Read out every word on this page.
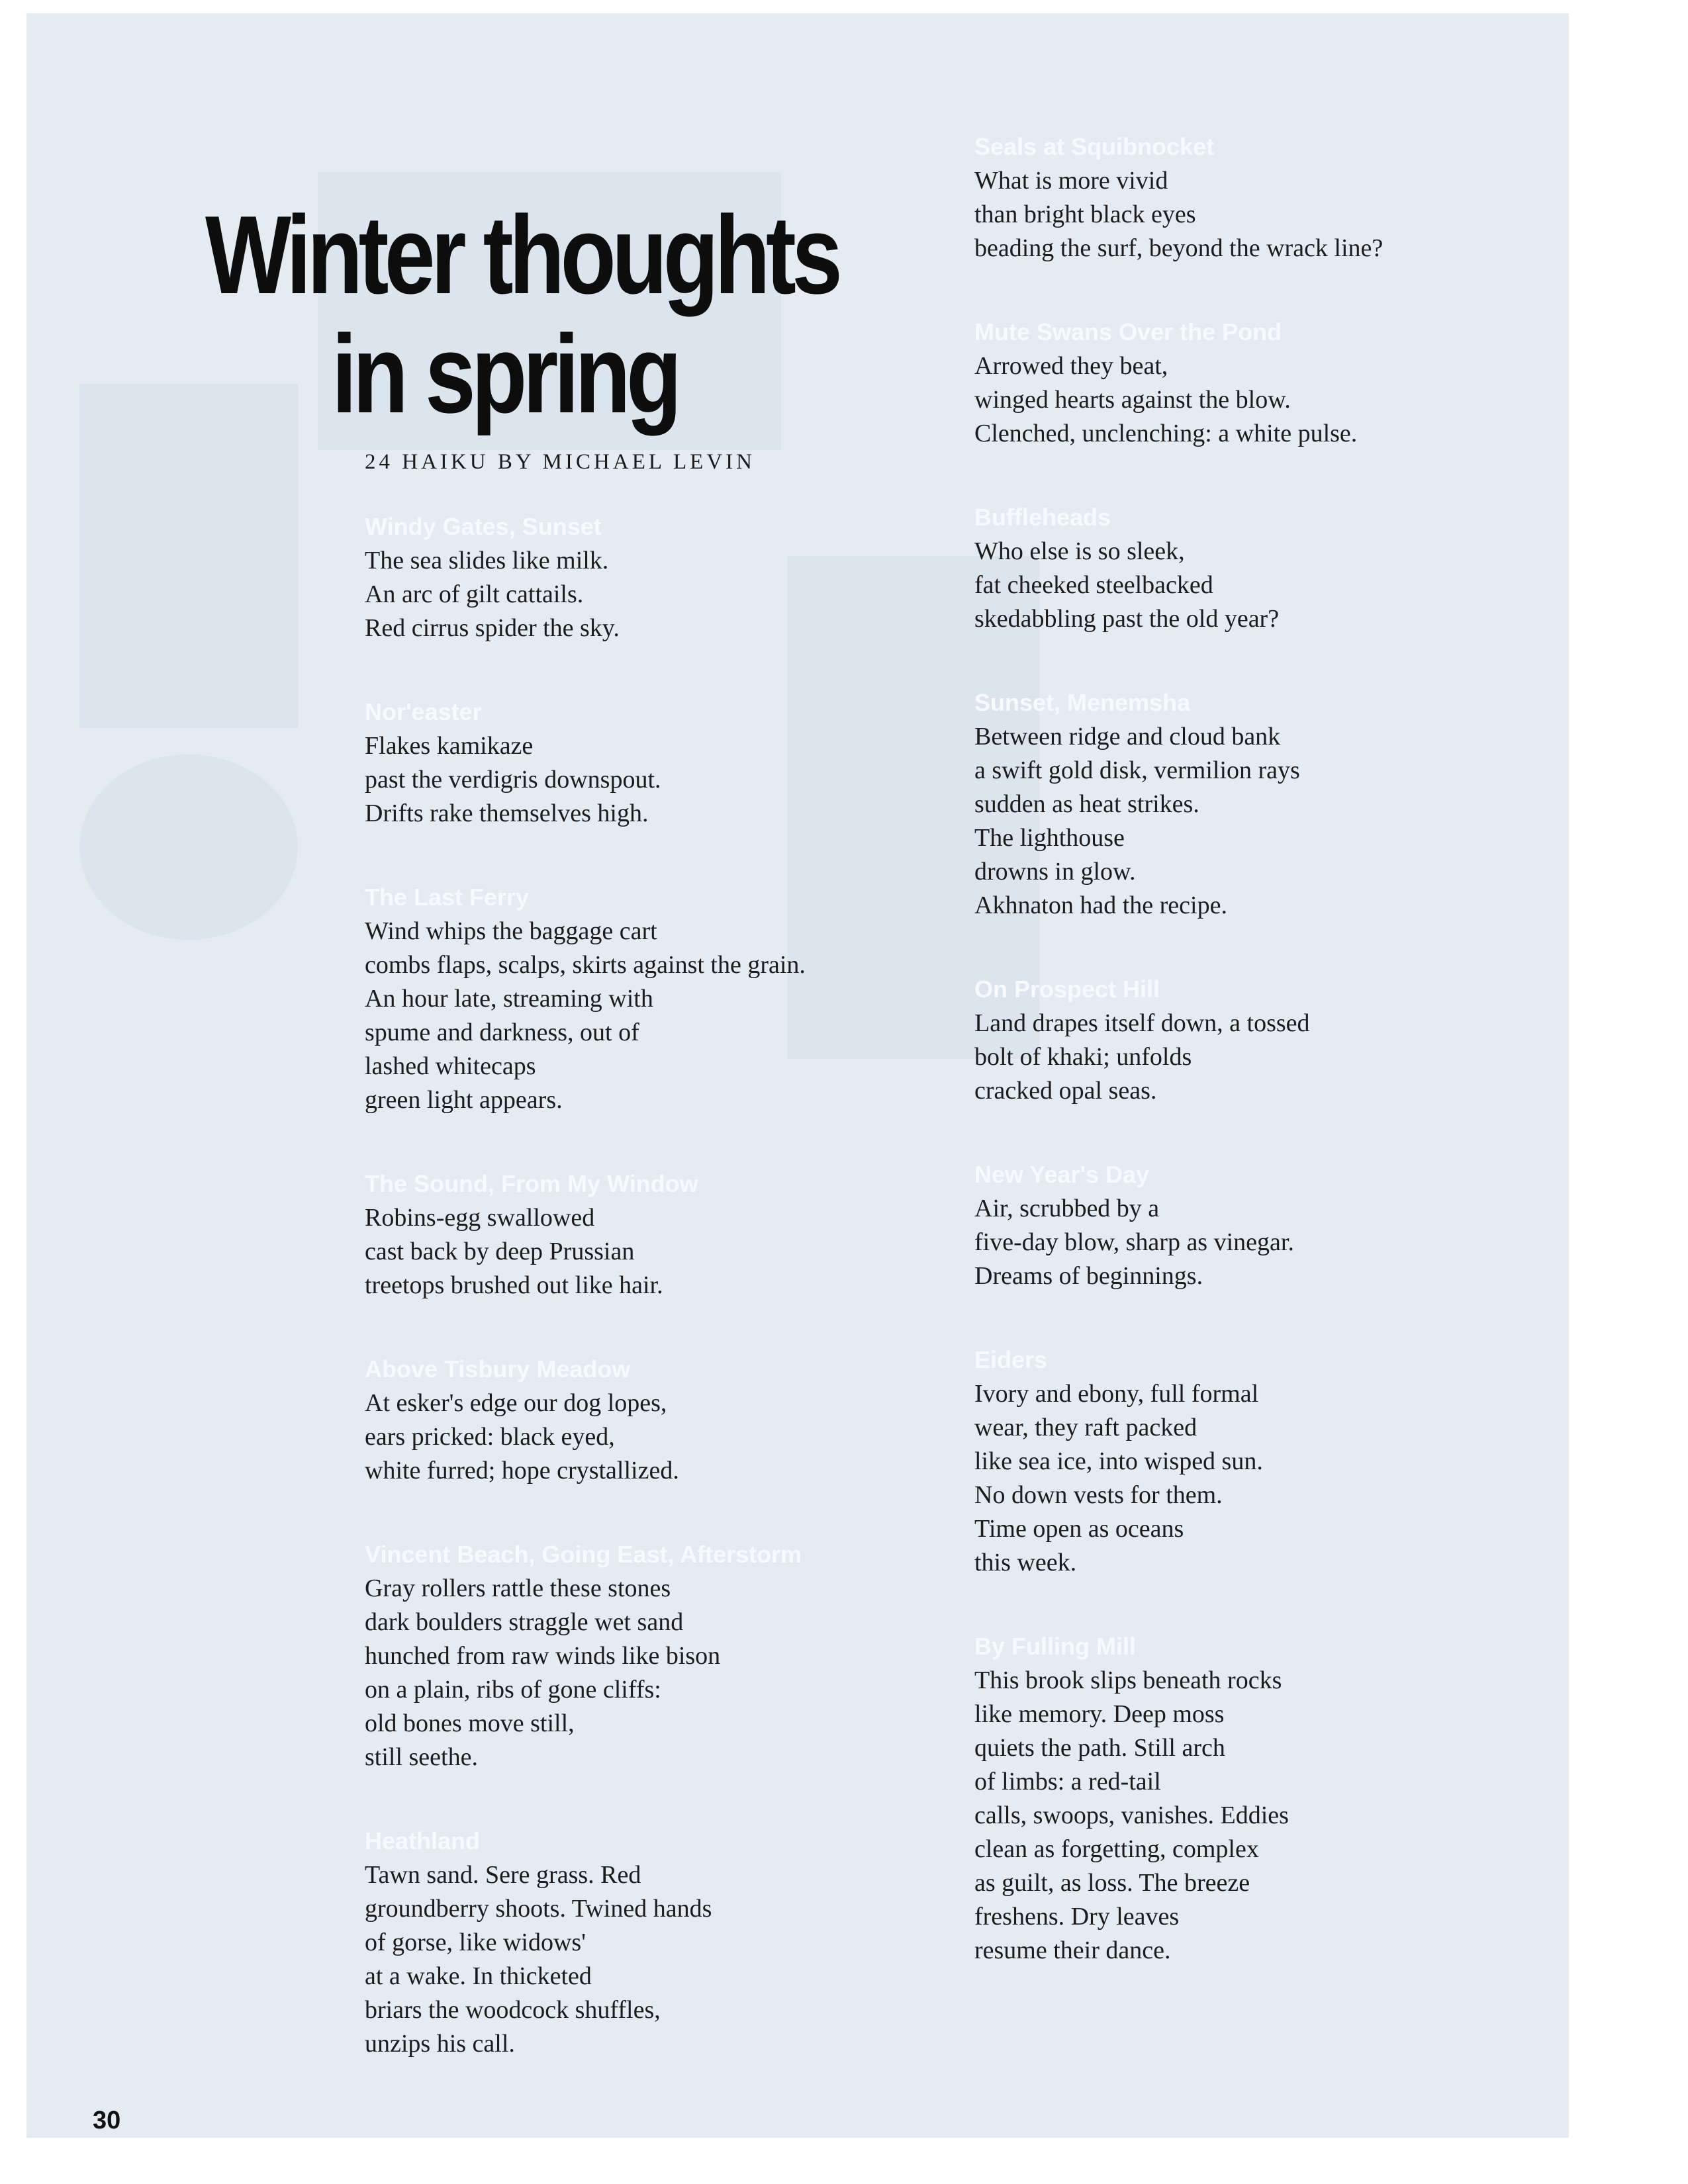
Winter thoughts
in spring
24 HAIKU BY MICHAEL LEVIN
Windy Gates, Sunset
The sea slides like milk.
An arc of gilt cattails.
Red cirrus spider the sky.
Nor'easter
Flakes kamikaze
past the verdigris downspout.
Drifts rake themselves high.
The Last Ferry
Wind whips the baggage cart
combs flaps, scalps, skirts against the grain.
An hour late, streaming with
spume and darkness, out of
lashed whitecaps
green light appears.
The Sound, From My Window
Robins-egg swallowed
cast back by deep Prussian
treetops brushed out like hair.
Above Tisbury Meadow
At esker's edge our dog lopes,
ears pricked: black eyed,
white furred; hope crystallized.
Vincent Beach, Going East, Afterstorm
Gray rollers rattle these stones
dark boulders straggle wet sand
hunched from raw winds like bison
on a plain, ribs of gone cliffs:
old bones move still,
still seethe.
Heathland
Tawn sand. Sere grass. Red
groundberry shoots. Twined hands
of gorse, like widows'
at a wake. In thicketed
briars the woodcock shuffles,
unzips his call.
Seals at Squibnocket
What is more vivid
than bright black eyes
beading the surf, beyond the wrack line?
Mute Swans Over the Pond
Arrowed they beat,
winged hearts against the blow.
Clenched, unclenching: a white pulse.
Buffleheads
Who else is so sleek,
fat cheeked steelbacked
skedabbling past the old year?
Sunset, Menemsha
Between ridge and cloud bank
a swift gold disk, vermilion rays
sudden as heat strikes.
The lighthouse
drowns in glow.
Akhnaton had the recipe.
On Prospect Hill
Land drapes itself down, a tossed
bolt of khaki; unfolds
cracked opal seas.
New Year's Day
Air, scrubbed by a
five-day blow, sharp as vinegar.
Dreams of beginnings.
Eiders
Ivory and ebony, full formal
wear, they raft packed
like sea ice, into wisped sun.
No down vests for them.
Time open as oceans
this week.
By Fulling Mill
This brook slips beneath rocks
like memory. Deep moss
quiets the path. Still arch
of limbs: a red-tail
calls, swoops, vanishes. Eddies
clean as forgetting, complex
as guilt, as loss. The breeze
freshens. Dry leaves
resume their dance.
30
